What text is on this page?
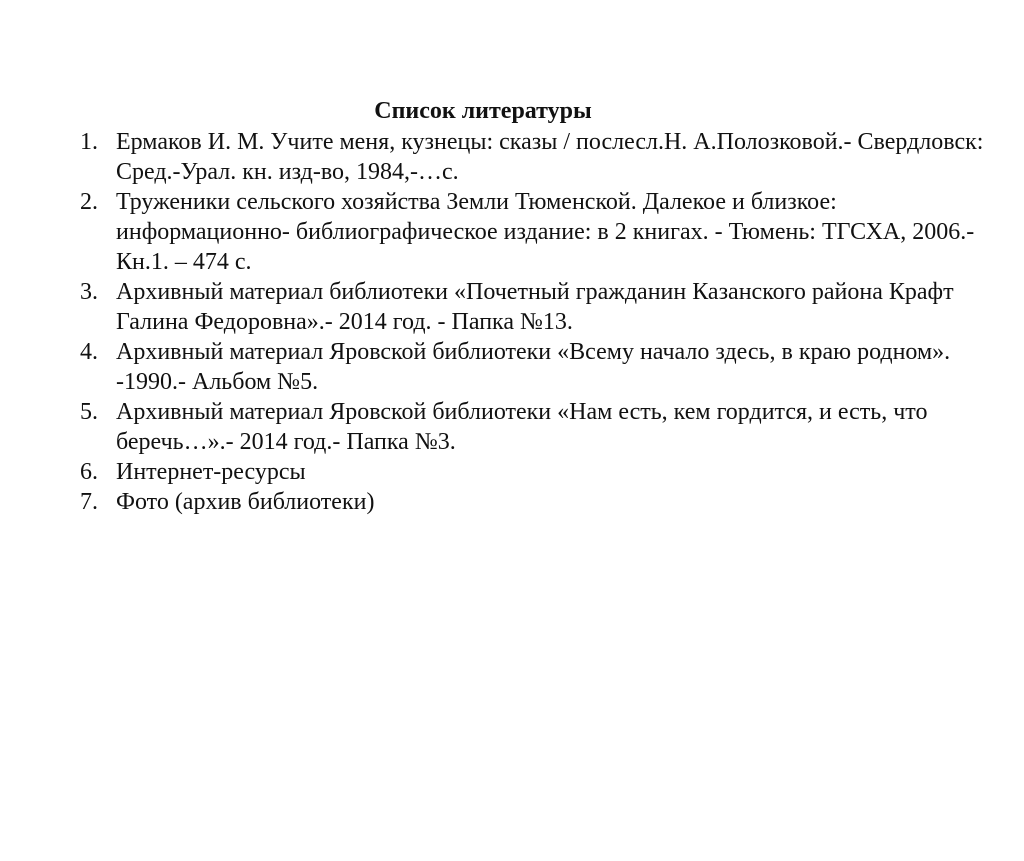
Список литературы
1. Ермаков И. М. Учите меня, кузнецы: сказы / послесл.Н. А.Полозковой.- Свердловск: Сред.-Урал. кн. изд-во, 1984,-…с.
2. Труженики сельского хозяйства Земли Тюменской. Далекое и близкое: информационно- библиографическое издание: в 2 книгах. - Тюмень: ТГСХА, 2006.- Кн.1. – 474 с.
3. Архивный материал библиотеки «Почетный гражданин Казанского района Крафт Галина Федоровна».- 2014 год. - Папка №13.
4. Архивный материал Яровской библиотеки «Всему начало здесь, в краю родном». -1990.- Альбом №5.
5. Архивный материал Яровской библиотеки «Нам есть, кем гордится, и есть, что беречь…».- 2014 год.- Папка №3.
6. Интернет-ресурсы
7. Фото (архив библиотеки)
